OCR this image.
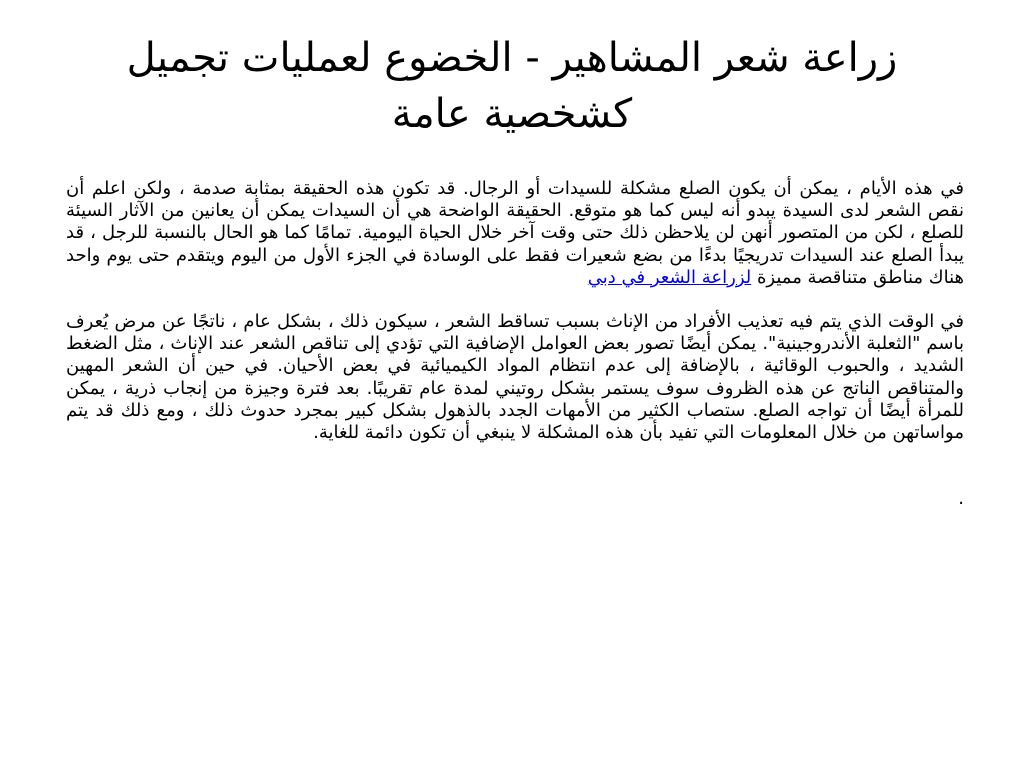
زراعة شعر المشاهير - الخضوع لعمليات تجميل كشخصية عامة

في هذه الأيام ، يمكن أن يكون الصلع مشكلة للسيدات أو الرجال. قد تكون هذه الحقيقة بمثابة صدمة ، ولكن اعلم أن نقص الشعر لدى السيدة يبدو أنه ليس كما هو متوقع. الحقيقة الواضحة هي أن السيدات يمكن أن يعانين من الآثار السيئة للصلع ، لكن من المتصور أنهن لن يلاحظن ذلك حتى وقت آخر خلال الحياة اليومية. تمامًا كما هو الحال بالنسبة للرجل ، قد يبدأ الصلع عند السيدات تدريجيًا بدءًا من بضع شعيرات فقط على الوسادة في الجزء الأول من اليوم ويتقدم حتى يوم واحد هناك مناطق متناقصة مميزة لزراعة الشعر في دبي

في الوقت الذي يتم فيه تعذيب الأفراد من الإناث بسبب تساقط الشعر ، سيكون ذلك ، بشكل عام ، ناتجًا عن مرض يُعرف باسم "الثعلبة الأندروجينية". يمكن أيضًا تصور بعض العوامل الإضافية التي تؤدي إلى تناقص الشعر عند الإناث ، مثل الضغط الشديد ، والحبوب الوقائية ، بالإضافة إلى عدم انتظام المواد الكيميائية في بعض الأحيان. في حين أن الشعر المهين والمتناقص الناتج عن هذه الظروف سوف يستمر بشكل روتيني لمدة عام تقريبًا. بعد فترة وجيزة من إنجاب ذرية ، يمكن للمرأة أيضًا أن تواجه الصلع. ستصاب الكثير من الأمهات الجدد بالذهول بشكل كبير بمجرد حدوث ذلك ، ومع ذلك قد يتم مواساتهن من خلال المعلومات التي تفيد بأن هذه المشكلة لا ينبغي أن تكون دائمة للغاية.

.
